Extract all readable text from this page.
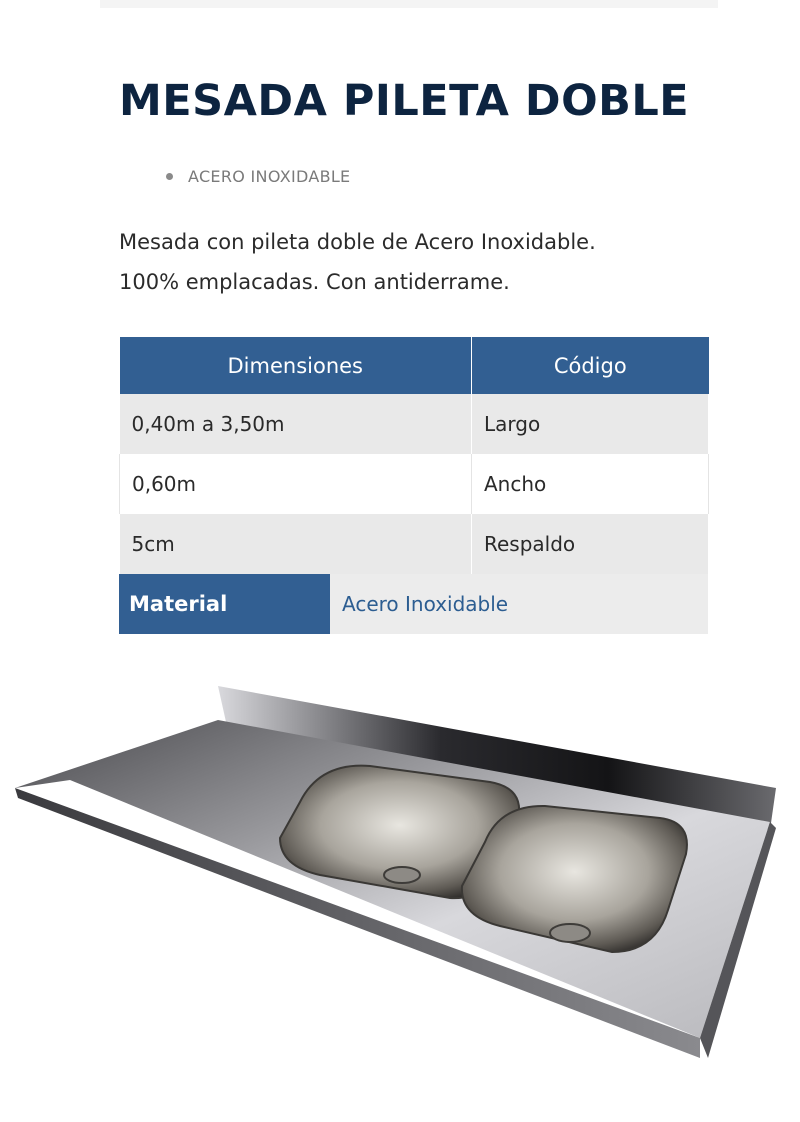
MESADA PILETA DOBLE
ACERO INOXIDABLE

Mesada con pileta doble de Acero Inoxidable.
100% emplacadas. Con antiderrame.

Dimensiones	Código
0,40m a 3,50m	Largo
0,60m	Ancho
5cm	Respaldo
Material	Acero Inoxidable
